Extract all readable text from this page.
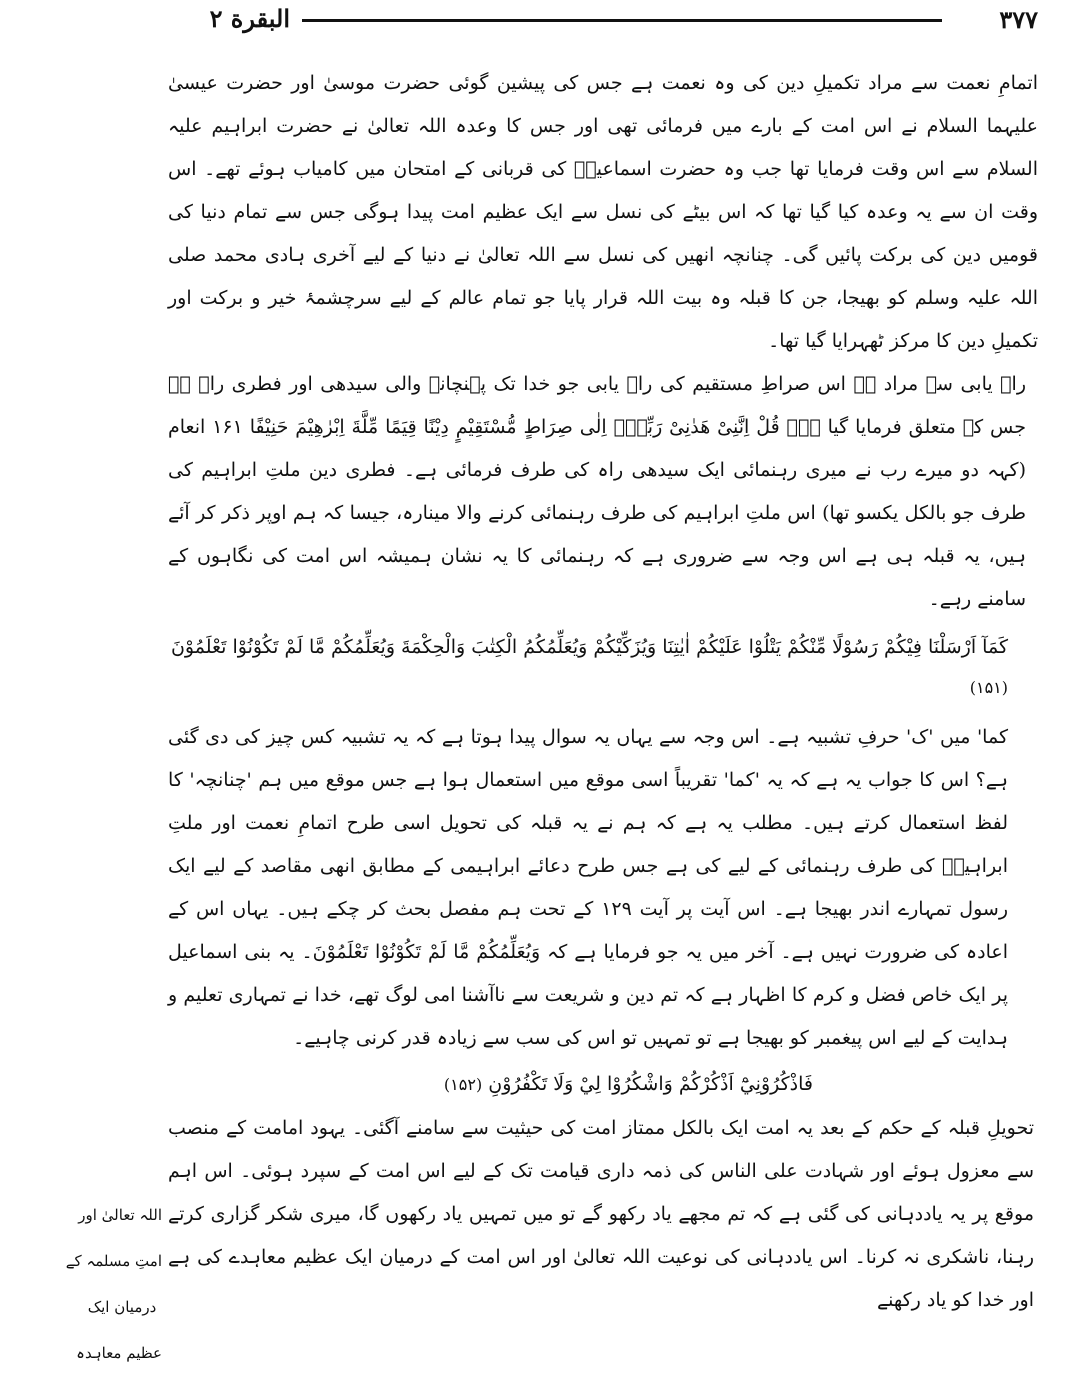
۳۷۷
البقرة ۲

اتمامِ نعمت سے مراد تکمیلِ دین کی وہ نعمت ہے جس کی پیشین گوئی حضرت موسیٰ اور حضرت عیسیٰ علیہما السلام نے اس امت کے بارے میں فرمائی تھی اور جس کا وعدہ اللہ تعالیٰ نے حضرت ابراہیم علیہ السلام سے اس وقت فرمایا تھا جب وہ حضرت اسماعیلؑ کی قربانی کے امتحان میں کامیاب ہوئے تھے۔ اس وقت ان سے یہ وعدہ کیا گیا تھا کہ اس بیٹے کی نسل سے ایک عظیم امت پیدا ہوگی جس سے تمام دنیا کی قومیں دین کی برکت پائیں گی۔ چنانچہ انھیں کی نسل سے اللہ تعالیٰ نے دنیا کے لیے آخری ہادی محمد صلی اللہ علیہ وسلم کو بھیجا، جن کا قبلہ وہ بیت اللہ قرار پایا جو تمام عالم کے لیے سرچشمۂ خیر و برکت اور تکمیلِ دین کا مرکز ٹھہرایا گیا تھا۔

راہ یابی سے مراد ہے اس صراطِ مستقیم کی راہ یابی جو خدا تک پہنچانے والی سیدھی اور فطری راہ ہے جس کے متعلق فرمایا گیا ہے۔ قُلْ اِنَّنِیْ ھَدٰنِیْ رَبِّیْۤ اِلٰی صِرَاطٍ مُّسْتَقِیْمٍ دِیْنًا قِیَمًا مِّلَّةَ اِبْرٰهِیْمَ حَنِیْفًا ۱۶۱ انعام (کہہ دو میرے رب نے میری رہنمائی ایک سیدھی راہ کی طرف فرمائی ہے۔ فطری دین ملتِ ابراہیم کی طرف جو بالکل یکسو تھا) اس ملتِ ابراہیم کی طرف رہنمائی کرنے والا مینارہ، جیسا کہ ہم اوپر ذکر کر آئے ہیں، یہ قبلہ ہی ہے اس وجہ سے ضروری ہے کہ رہنمائی کا یہ نشان ہمیشہ اس امت کی نگاہوں کے سامنے رہے۔

كَمَآ اَرْسَلْنَا فِيْكُمْ رَسُوْلًا مِّنْكُمْ يَتْلُوْا عَلَيْكُمْ اٰيٰتِنَا وَيُزَكِّيْكُمْ وَيُعَلِّمُكُمُ الْكِتٰبَ وَالْحِكْمَةَ وَيُعَلِّمُكُمْ مَّا لَمْ تَكُوْنُوْا تَعْلَمُوْنَ (۱۵۱)

کما' میں 'ک' حرفِ تشبیہ ہے۔ اس وجہ سے یہاں یہ سوال پیدا ہوتا ہے کہ یہ تشبیہ کس چیز کی دی گئی ہے؟ اس کا جواب یہ ہے کہ یہ 'کما' تقریباً اسی موقع میں استعمال ہوا ہے جس موقع میں ہم 'چنانچہ' کا لفظ استعمال کرتے ہیں۔ مطلب یہ ہے کہ ہم نے یہ قبلہ کی تحویل اسی طرح اتمامِ نعمت اور ملتِ ابراہیمؑ کی طرف رہنمائی کے لیے کی ہے جس طرح دعائے ابراہیمی کے مطابق انھی مقاصد کے لیے ایک رسول تمہارے اندر بھیجا ہے۔ اس آیت پر آیت ۱۲۹ کے تحت ہم مفصل بحث کر چکے ہیں۔ یہاں اس کے اعادہ کی ضرورت نہیں ہے۔ آخر میں یہ جو فرمایا ہے کہ وَیُعَلِّمُكُمْ مَّا لَمْ تَكُوْنُوْا تَعْلَمُوْنَ۔ یہ بنی اسماعیل پر ایک خاص فضل و کرم کا اظہار ہے کہ تم دین و شریعت سے ناآشنا امی لوگ تھے، خدا نے تمہاری تعلیم و ہدایت کے لیے اس پیغمبر کو بھیجا ہے تو تمہیں تو اس کی سب سے زیادہ قدر کرنی چاہیے۔

فَاذْكُرُوْنِيْٓ اَذْكُرْكُمْ وَاشْكُرُوْا لِيْ وَلَا تَكْفُرُوْنِ (۱۵۲)

تحویلِ قبلہ کے حکم کے بعد یہ امت ایک بالکل ممتاز امت کی حیثیت سے سامنے آگئی۔ یہود امامت کے منصب سے معزول ہوئے اور شہادت علی الناس کی ذمہ داری قیامت تک کے لیے اس امت کے سپرد ہوئی۔ اس اہم موقع پر یہ یاددہانی کی گئی ہے کہ تم مجھے یاد رکھو گے تو میں تمہیں یاد رکھوں گا، میری شکر گزاری کرتے رہنا، ناشکری نہ کرنا۔ اس یاددہانی کی نوعیت اللہ تعالیٰ اور اس امت کے درمیان ایک عظیم معاہدے کی ہے اور خدا کو یاد رکھنے

اللہ تعالیٰ اور
امتِ مسلمہ کے
درمیان ایک
عظیم معاہدہ
